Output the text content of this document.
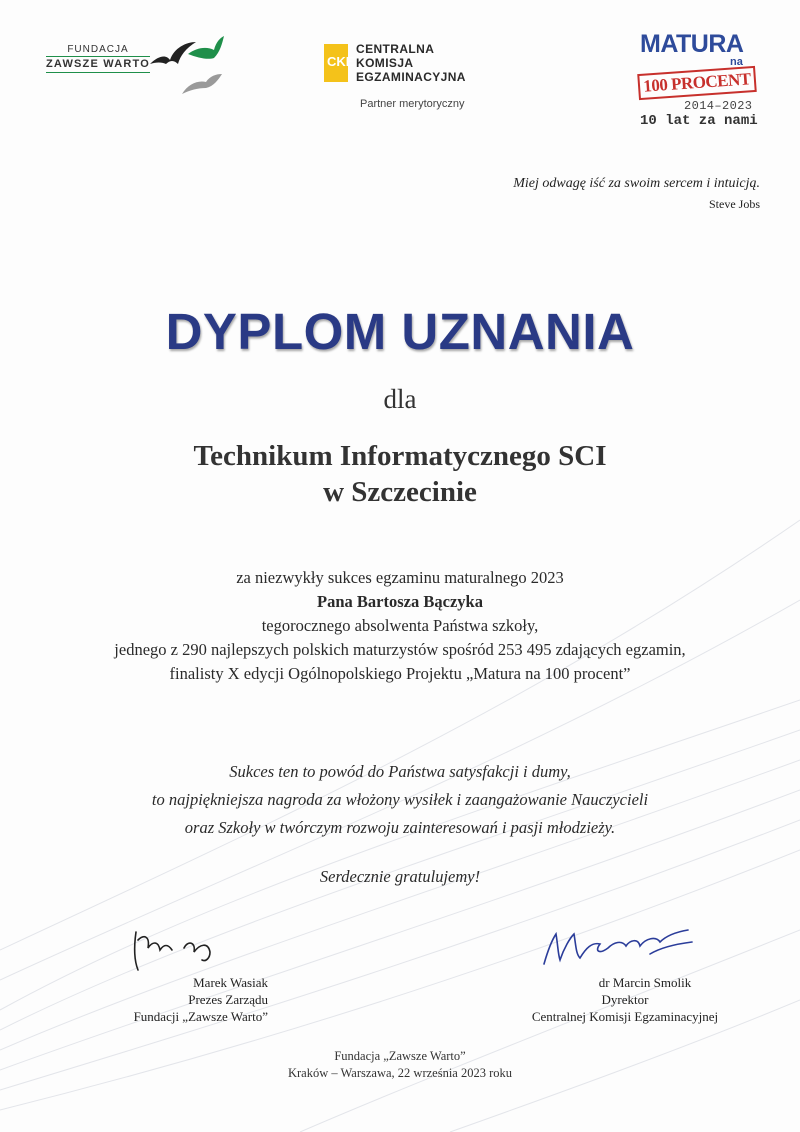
FUNDACJA
ZAWSZE WARTO	CKE
CENTRALNA
KOMISJA
EGZAMINACYJNA
Partner merytoryczny
MATURA
na
100 PROCENT
2014–2023
10 lat za nami
Miej odwagę iść za swoim sercem i intuicją.
Steve Jobs
DYPLOM UZNANIA
dla
Technikum Informatycznego SCI
w Szczecinie
za niezwykły sukces egzaminu maturalnego 2023
Pana Bartosza Bączyka
tegorocznego absolwenta Państwa szkoły,
jednego z 290 najlepszych polskich maturzystów spośród 253 495 zdających egzamin,
finalisty X edycji Ogólnopolskiego Projektu „Matura na 100 procent”
Sukces ten to powód do Państwa satysfakcji i dumy,
to najpiękniejsza nagroda za włożony wysiłek i zaangażowanie Nauczycieli
oraz Szkoły w twórczym rozwoju zainteresowań i pasji młodzieży.
Serdecznie gratulujemy!
Marek Wasiak
Prezes Zarządu
Fundacji „Zawsze Warto”
dr Marcin Smolik
Dyrektor
Centralnej Komisji Egzaminacyjnej
Fundacja „Zawsze Warto”
Kraków – Warszawa, 22 września 2023 roku
